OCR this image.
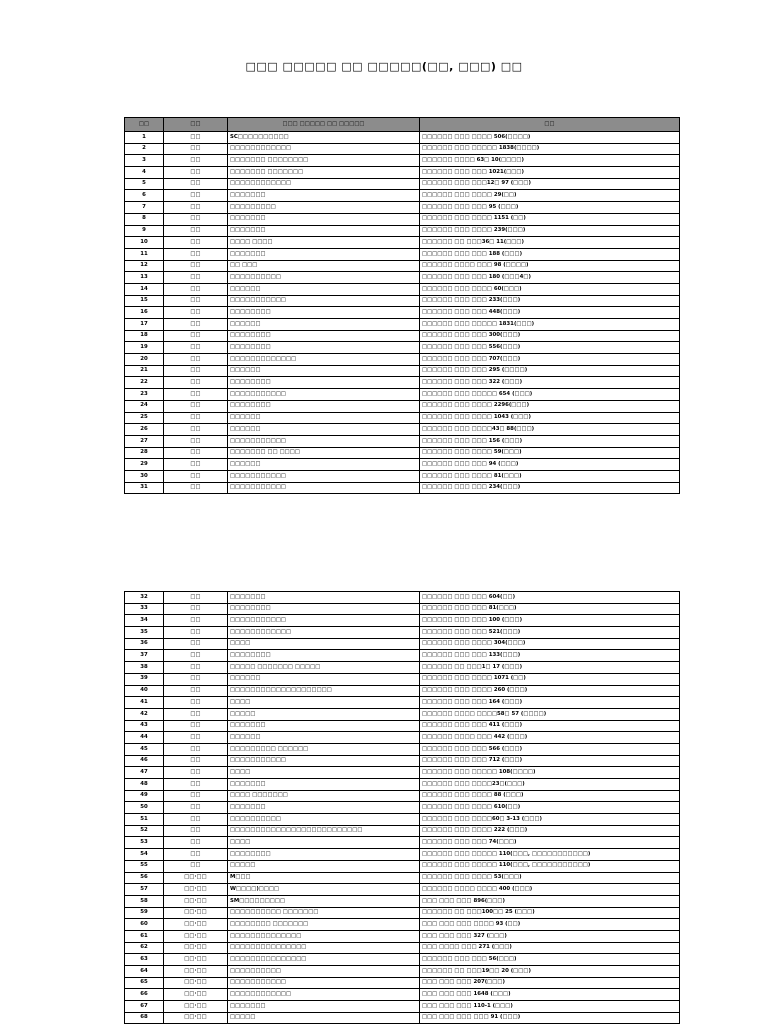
□□□ □□□□□ □□ □□□□□(□□, □□□) □□
□□	□□	□□□ □□□□□ □□ □□□□□	□□
1	□□	SC□□□□□□□□□□	□□□□□□ □□□ □□□□ 506(□□□□)
2	□□	□□□□□□□□□□□□	□□□□□□ □□□ □□□□□ 1838(□□□□)
3	□□	□□□□□□□ □□□□□□□□	□□□□□□ □□□□ 63□ 10(□□□□)
4	□□	□□□□□□□ □□□□□□□	□□□□□□ □□□ □□□ 1021(□□□)
5	□□	□□□□□□□□□□□□	□□□□□□ □□□ □□□12□ 97 (□□□)
6	□□	□□□□□□□	□□□□□□ □□□ □□□□ 29(□□)
7	□□	□□□□□□□□□	□□□□□□ □□□ □□□ 95 (□□□)
8	□□	□□□□□□□	□□□□□□ □□□ □□□□ 1151 (□□)
9	□□	□□□□□□□	□□□□□□ □□□ □□□□ 239(□□□)
10	□□	□□□□ □□□□	□□□□□□ □□ □□□36□ 11(□□□)
11	□□	□□□□□□□	□□□□□□ □□□ □□□ 188 (□□□)
12	□□	□□ □□□	□□□□□□ □□□□ □□□ 98 (□□□□)
13	□□	□□□□□□□□□□	□□□□□□ □□□ □□□ 180 (□□□4□)
14	□□	□□□□□□	□□□□□□ □□□ □□□□ 60(□□□)
15	□□	□□□□□□□□□□□	□□□□□□ □□□ □□□ 233(□□□)
16	□□	□□□□□□□□	□□□□□□ □□□ □□□ 448(□□□)
17	□□	□□□□□□	□□□□□□ □□□ □□□□□ 1831(□□□)
18	□□	□□□□□□□□	□□□□□□ □□□ □□□ 300(□□□)
19	□□	□□□□□□□□	□□□□□□ □□□ □□□ 556(□□□)
20	□□	□□□□□□□□□□□□□	□□□□□□ □□□ □□□ 707(□□□)
21	□□	□□□□□□	□□□□□□ □□□ □□□ 295 (□□□□)
22	□□	□□□□□□□□	□□□□□□ □□□ □□□ 322 (□□□)
23	□□	□□□□□□□□□□□	□□□□□□ □□□ □□□□□ 654 (□□□)
24	□□	□□□□□□□□	□□□□□□ □□□ □□□□ 2296(□□□)
25	□□	□□□□□□	□□□□□□ □□□ □□□□ 1043 (□□□)
26	□□	□□□□□□	□□□□□□ □□□ □□□□43□ 88(□□□)
27	□□	□□□□□□□□□□□	□□□□□□ □□□ □□□ 156 (□□□)
28	□□	□□□□□□□ □□ □□□□	□□□□□□ □□□ □□□□ 59(□□□)
29	□□	□□□□□□	□□□□□□ □□□ □□□ 94 (□□□)
30	□□	□□□□□□□□□□□	□□□□□□ □□□ □□□□ 81(□□□)
31	□□	□□□□□□□□□□□	□□□□□□ □□□ □□□ 234(□□□)
32	□□	□□□□□□□	□□□□□□ □□□ □□□ 604(□□)
33	□□	□□□□□□□□	□□□□□□ □□□ □□□ 81(□□□)
34	□□	□□□□□□□□□□□	□□□□□□ □□□ □□□ 100 (□□□)
35	□□	□□□□□□□□□□□□	□□□□□□ □□□ □□□ 521(□□□)
36	□□	□□□□	□□□□□□ □□□ □□□□ 304(□□□)
37	□□	□□□□□□□□	□□□□□□ □□□ □□□ 133(□□□)
38	□□	□□□□□ □□□□□□□ □□□□□	□□□□□□ □□ □□□1□ 17 (□□□)
39	□□	□□□□□□	□□□□□□ □□□ □□□□ 1071 (□□)
40	□□	□□□□□□□□□□□□□□□□□□□□	□□□□□□ □□□ □□□□ 260 (□□□)
41	□□	□□□□	□□□□□□ □□□ □□□ 164 (□□□)
42	□□	□□□□□	□□□□□□ □□□□ □□□□58□ 57 (□□□□)
43	□□	□□□□□□□	□□□□□□ □□□ □□□ 411 (□□□)
44	□□	□□□□□□	□□□□□□ □□□□ □□□ 442 (□□□)
45	□□	□□□□□□□□□ □□□□□□	□□□□□□ □□□ □□□ 566 (□□□)
46	□□	□□□□□□□□□□□	□□□□□□ □□□ □□□ 712 (□□□)
47	□□	□□□□	□□□□□□ □□□ □□□□□ 108(□□□□)
48	□□	□□□□□□□	□□□□□□ □□□ □□□□23□(□□□)
49	□□	□□□□ □□□□□□□	□□□□□□ □□□ □□□□ 88 (□□□)
50	□□	□□□□□□□	□□□□□□ □□□ □□□□ 610(□□)
51	□□	□□□□□□□□□□	□□□□□□ □□□ □□□□60□ 3-13 (□□□)
52	□□	□□□□□□□□□□□□□□□□□□□□□□□□□□	□□□□□□ □□□ □□□□ 222 (□□□)
53	□□	□□□□	□□□□□□ □□□ □□□ 74(□□□)
54	□□	□□□□□□□□	□□□□□□ □□□ □□□□□ 110(□□□, □□□□□□□□□□□)
55	□□	□□□□□	□□□□□□ □□□ □□□□□ 110(□□□, □□□□□□□□□□□)
56	□□·□□	M□□□	□□□□□□ □□□ □□□□ 53(□□□)
57	□□·□□	W□□□□)□□□□	□□□□□□ □□□□ □□□□ 400 (□□□)
58	□□·□□	SM□□□□□□□□□	□□□ □□□ □□□ 896(□□□)
59	□□·□□	□□□□□□□□□□ □□□□□□□	□□□□□□ □□ □□□100□□ 25 (□□□)
60	□□·□□	□□□□□□□□ □□□□□□□	□□□ □□□ □□□ □□□□ 93 (□□)
61	□□·□□	□□□□□□□□□□□□□□	□□□ □□□ □□□ 327 (□□□)
62	□□·□□	□□□□□□□□□□□□□□□	□□□ □□□□ □□□ 271 (□□□)
63	□□·□□	□□□□□□□□□□□□□□□	□□□□□□ □□□ □□□ 56(□□□)
64	□□·□□	□□□□□□□□□□	□□□□□□ □□ □□□19□□ 20 (□□□)
65	□□·□□	□□□□□□□□□□□	□□□ □□□ □□□ 207(□□□)
66	□□·□□	□□□□□□□□□□□□	□□□ □□□ □□□ 1648 (□□□)
67	□□·□□	□□□□□□□	□□□ □□□ □□□ 110-1 (□□□)
68	□□·□□	□□□□□	□□□ □□□ □□□ □□□ 91 (□□□)
